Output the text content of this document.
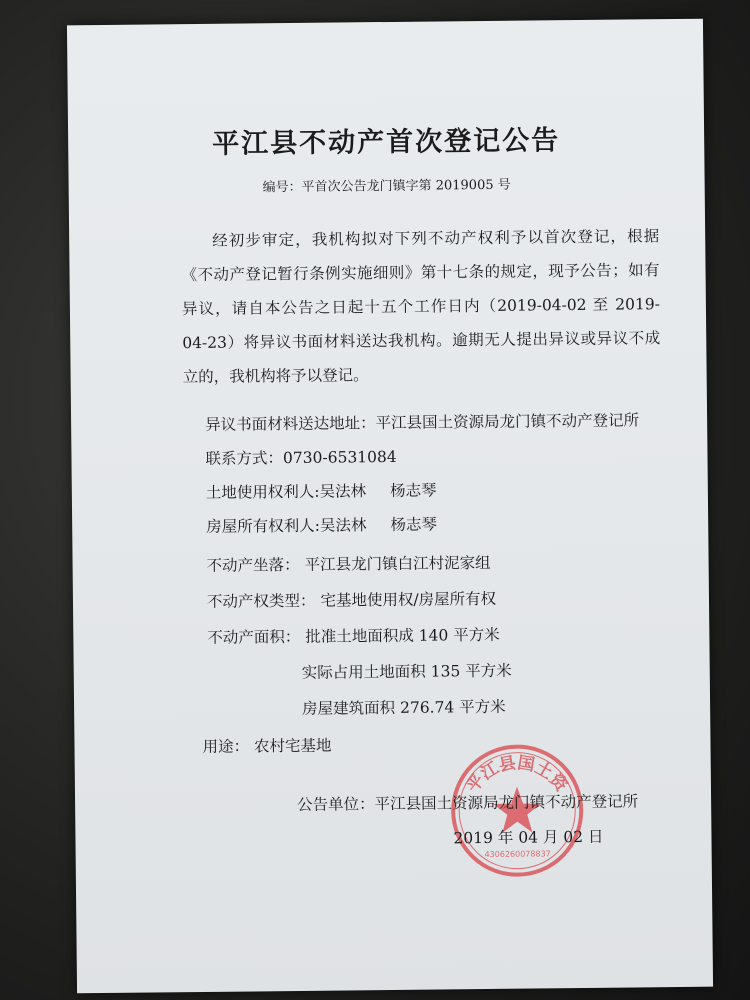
平江县不动产首次登记公告
编号：平首次公告龙门镇字第 2019005 号
经初步审定，我机构拟对下列不动产权利予以首次登记，根据《不动产登记暂行条例实施细则》第十七条的规定，现予公告；如有异议，请自本公告之日起十五个工作日内（2019-04-02 至 2019-04-23）将异议书面材料送达我机构。逾期无人提出异议或异议不成立的，我机构将予以登记。
异议书面材料送达地址：平江县国土资源局龙门镇不动产登记所
联系方式：0730-6531084
土地使用权利人:吴法林 杨志琴
房屋所有权利人:吴法林 杨志琴
不动产坐落： 平江县龙门镇白江村泥家组
不动产权类型： 宅基地使用权/房屋所有权
不动产面积： 批准土地面积成 140 平方米
实际占用土地面积 135 平方米
房屋建筑面积 276.74 平方米
用途： 农村宅基地
平江县国土资
4306260078837
公告单位：平江县国土资源局龙门镇不动产登记所
2019 年 04 月 02 日
